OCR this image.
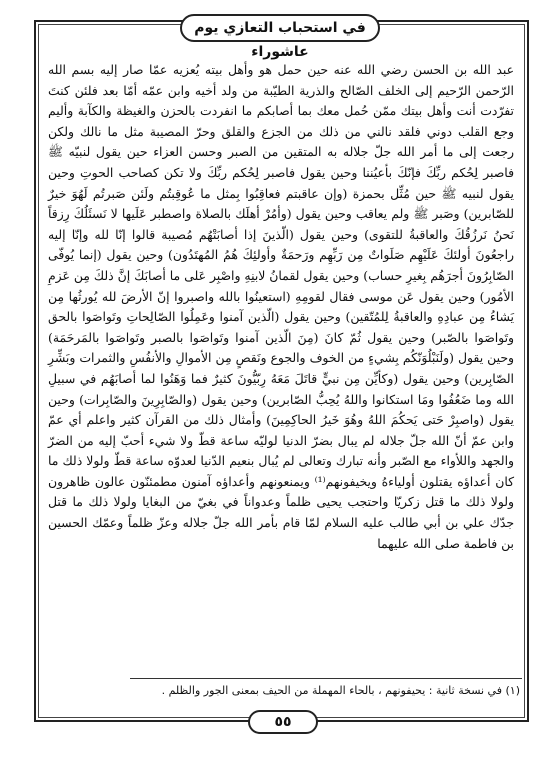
في استحباب التعازي يوم عاشوراء

عبد الله بن الحسن رضي الله عنه حين حمل هو وأهل بيته يُعزيه عمّا صار إليه بسم الله الرّحمن الرّحيم إلى الخلف الصّالح والذرية الطيّبة من ولد أخيه وابن عمّه أمّا بعد فلئن كنتَ تفرّدت أنت وأهل بيتك ممّن حُمل معك بما أصابكم ما انفردت بالحزن والغيظة والكآبة وأليم وجع القلب دوني فلقد نالني من ذلك من الجزع والقلق وحرّ المصيبة مثل ما نالك ولكن رجعت إلى ما أمر الله جلّ جلاله به المتقين من الصبر وحسن العزاء حين يقول لنبيّه ﷺ فاصبر لِحُكم ربِّكَ فإنّكَ بأعيُننا وحين يقول فاصبر لِحُكم ربِّكَ ولا تكن كصاحب الحوتِ وحين يقول لنبيه ﷺ حين مُثِّل بحمزة (وإن عاقبتم فعاقِبُوا بِمثل ما عُوقِبتُم ولَئن صَبرتُم لَهُوَ خيرٌ للصّابرين) وصَبر ﷺ ولم يعاقب وحين يقول (وأمُرْ أهلَك بالصلاة واصطبر عَلَيها لا نَسئَلُكَ رِزقاً نَحنُ نَرزُقُكَ والعاقبةُ للتقوى) وحين يقول (الّذينَ إذا أصابَتْهُم مُصيبة قالوا إنّا لله وإنّا إليه راجعُونَ أولئكَ عَلَيْهِم صَلَواتٌ مِن رَبِّهِم ورَحمَةٌ وأولئِكَ هُمُ المُهتَدُون) وحين يقول (إنما يُوفّى الصّابِرُونَ أجرَهُم بِغيرِ حساب) وحين يقول لقمانُ لابنِهِ واصْبِر عَلى ما أصابَكَ إنَّ ذلكَ مِن عَزمِ الأمُور) وحين يقول عَن موسى فقال لقومِهِ (استعينُوا بالله واصبروا إنّ الأرضَ لله يُورثُها مِن يَشاءُ مِن عبادِهِ والعاقبةُ لِلمُتّقين) وحين يقول (الّذين آمنوا وعَمِلُوا الصّالِحاتِ وتَواصَوا بالحق وتَواصَوا بالصّبر) وحين يقول ثُمّ كانَ (مِنَ الّذين آمنوا وتَواصَوا بالصبر وتَواصَوا بالمَرحَمَة) وحين يقول (ولَنَبْلُوَنّكُم بِشيءٍ من الخوف والجوع ونَقصٍ مِن الأموالِ والأنفُسِ والثمرات وبَشِّرِ الصّابِرين) وحين يقول (وكأيِّن مِن نبيٍّ قاتَلَ مَعَهُ رِبّيُّونَ كثيرٌ فما وَهَنُوا لما أصابَهُم في سبيلِ الله وما ضَعُفُوا ومَا استكانوا واللهُ يُحِبُّ الصّابرين) وحين يقول (والصّابِرِينَ والصّابِرات) وحين يقول (واصبِرْ حَتى يَحكُمَ اللهُ وهُوَ خَيرُ الحاكِمِينَ) وأمثال ذلك من القرآن كثير واعلم أي عمّ وابن عمّ أنّ الله جلّ جلاله لم يبال بضرّ الدنيا لوليّه ساعة قطّ ولا شيء أحبّ إليه من الضرّ والجهد واللأواء مع الصّبر وأنه تبارك وتعالى لم يُبال بنعيم الدّنيا لعدوّه ساعة قطّ ولولا ذلك ما كان أعداؤه يقتلون أولياءهُ ويخيفونهم⁽¹⁾ ويمنعونهم وأعداؤه آمنون مطمئنّون عالون ظاهرون ولولا ذلك ما قتل زكريّا واحتجب يحيى ظلماً وعدواناً في بغيّ من البغايا ولولا ذلك ما قتل جدّك علي بن أبي طالب عليه السلام لمّا قام بأمر الله جلّ جلاله وعزّ ظلماً وعمّك الحسين بن فاطمة صلى الله عليهما

(١) في نسخة ثانية : يحيفونهم ، بالحاء المهملة من الحيف بمعنى الجور والظلم .
٥٥
